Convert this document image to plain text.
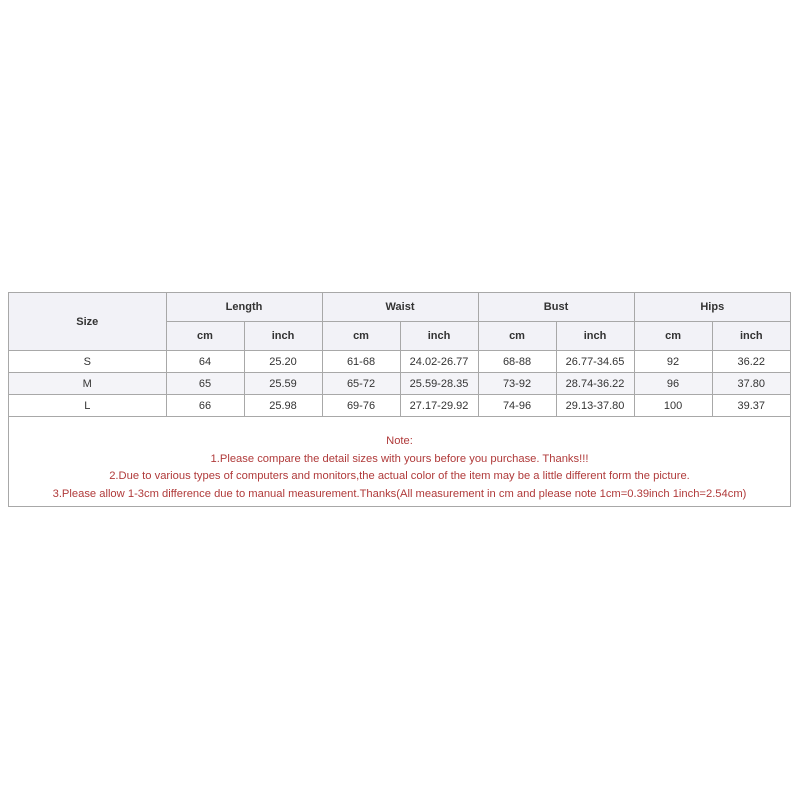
Size	Length		Waist		Bust		Hips	
	cm	inch	cm	inch	cm	inch	cm	inch
S	64	25.20	61-68	24.02-26.77	68-88	26.77-34.65	92	36.22
M	65	25.59	65-72	25.59-28.35	73-92	28.74-36.22	96	37.80
L	66	25.98	69-76	27.17-29.92	74-96	29.13-37.80	100	39.37
Note:
1.Please compare the detail sizes with yours before you purchase. Thanks!!!
2.Due to various types of computers and monitors,the actual color of the item may be a little different form the picture.
3.Please allow 1-3cm difference due to manual measurement.Thanks(All measurement in cm and please note 1cm=0.39inch 1inch=2.54cm)
